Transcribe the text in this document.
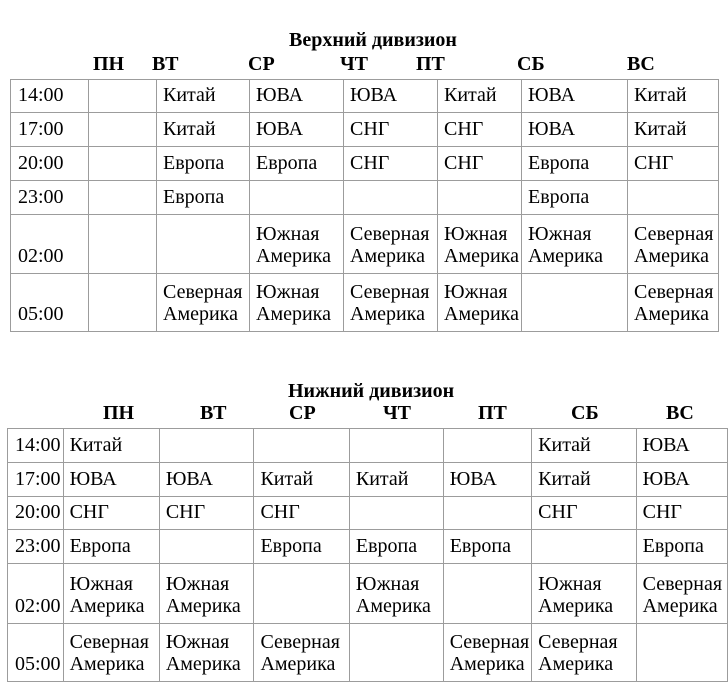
Верхний дивизион
ПН ВТ	СР	ЧТ ПТ	СБ	ВС
14:00		Китай	ЮВА	ЮВА	Китай	ЮВА	Китай
17:00		Китай	ЮВА	СНГ	СНГ	ЮВА	Китай
20:00		Европа	Европа	СНГ	СНГ	Европа	СНГ
23:00		Европа				Европа	
02:00			Южная Америка	Северная Америка	Южная Америка	Южная Америка	Северная Америка
05:00		Северная Америка	Южная Америка	Северная Америка	Южная Америка		Северная Америка
Нижний дивизион
ПН	ВТ	СР	ЧТ	ПТ	СБ	ВС
14:00	Китай					Китай	ЮВА
17:00	ЮВА	ЮВА	Китай	Китай	ЮВА	Китай	ЮВА
20:00	СНГ	СНГ	СНГ			СНГ	СНГ
23:00	Европа		Европа	Европа	Европа		Европа
02:00	Южная Америка	Южная Америка		Южная Америка		Южная Америка	Северная Америка
05:00	Северная Америка	Южная Америка	Северная Америка		Северная Америка	Северная Америка	
